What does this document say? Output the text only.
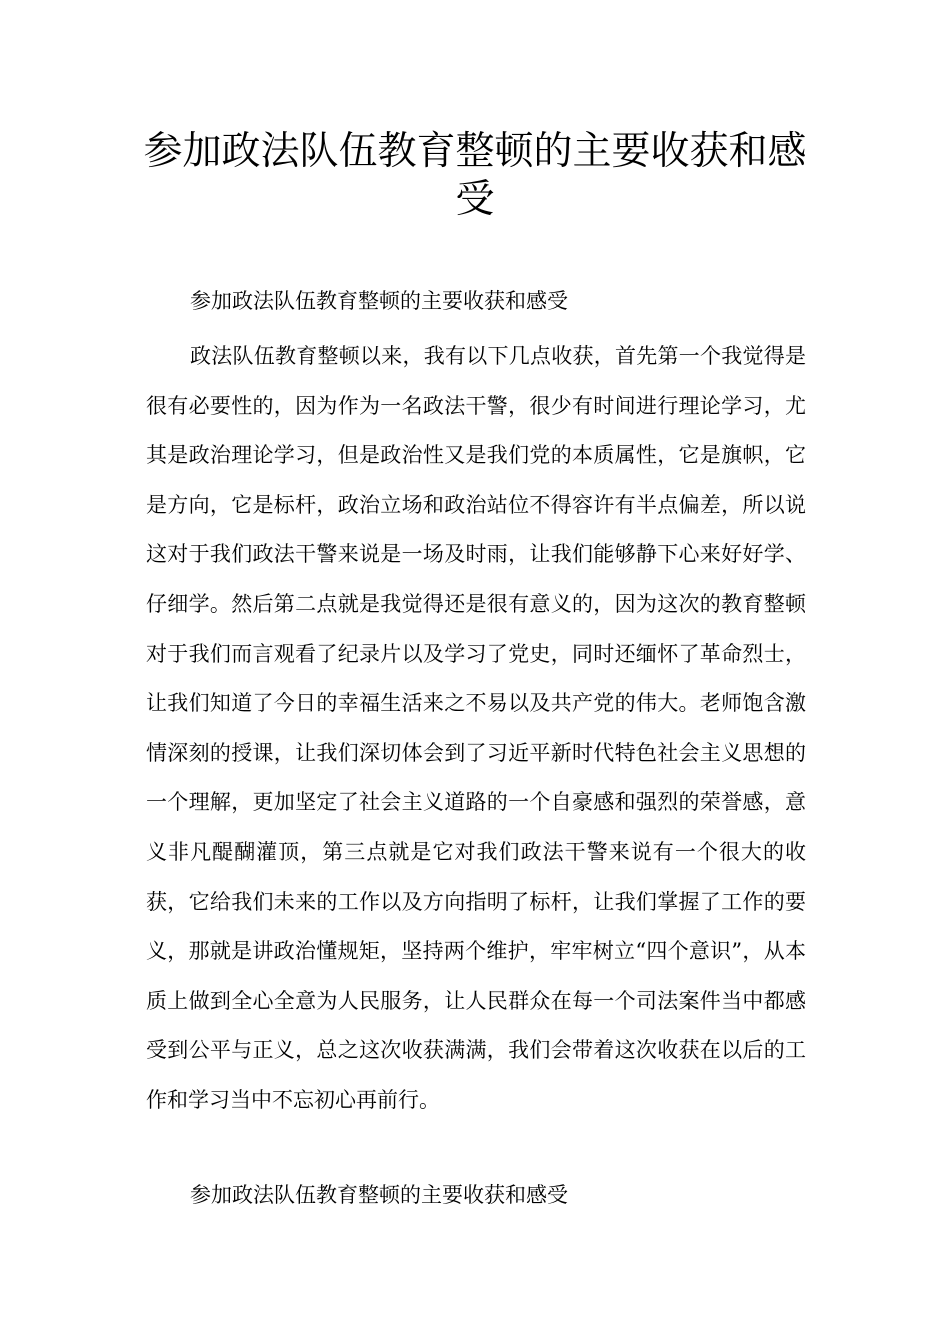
参加政法队伍教育整顿的主要收获和感受

参加政法队伍教育整顿的主要收获和感受

政法队伍教育整顿以来，我有以下几点收获，首先第一个我觉得是很有必要性的，因为作为一名政法干警，很少有时间进行理论学习，尤其是政治理论学习，但是政治性又是我们党的本质属性，它是旗帜，它是方向，它是标杆，政治立场和政治站位不得容许有半点偏差，所以说这对于我们政法干警来说是一场及时雨，让我们能够静下心来好好学、仔细学。然后第二点就是我觉得还是很有意义的，因为这次的教育整顿对于我们而言观看了纪录片以及学习了党史，同时还缅怀了革命烈士，让我们知道了今日的幸福生活来之不易以及共产党的伟大。老师饱含激情深刻的授课，让我们深切体会到了习近平新时代特色社会主义思想的一个理解，更加坚定了社会主义道路的一个自豪感和强烈的荣誉感，意义非凡醍醐灌顶，第三点就是它对我们政法干警来说有一个很大的收获，它给我们未来的工作以及方向指明了标杆，让我们掌握了工作的要义，那就是讲政治懂规矩，坚持两个维护，牢牢树立“四个意识”，从本质上做到全心全意为人民服务，让人民群众在每一个司法案件当中都感受到公平与正义，总之这次收获满满，我们会带着这次收获在以后的工作和学习当中不忘初心再前行。

参加政法队伍教育整顿的主要收获和感受
